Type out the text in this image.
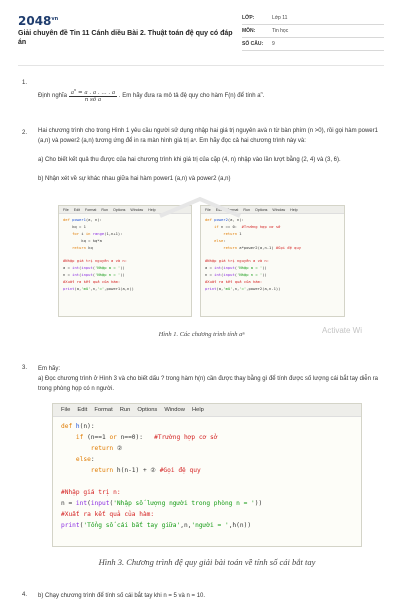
$2048^{vn}$
Giải chuyên đề Tin 11 Cánh diều Bài 2. Thuật toán đệ quy có đáp án
LỚP:	Lớp 11
MÔN:	Tin học
SỐ CÂU:	9
1.
Định nghĩa $\frac{a^n = a . a . ... . a}{\text{n số a}}$ . Em hãy đưa ra mô tả đệ quy cho hàm F(n) để tính $a^n$.
2. Hai chương trình cho trong Hình 1 yêu cầu người sử dụng nhập hai giá trị nguyên avà n từ bàn phím (n >0), rồi gọi hàm power1 (a,n) và power2 (a,n) tương ứng để in ra màn hình giá trị aⁿ. Em hãy đọc cả hai chương trình này và:
a) Cho biết kết quả thu được của hai chương trình khi giá trị của cặp (4, n) nhập vào lần lượt bằng (2, 4) và (3, 6).
b) Nhận xét về sự khác nhau giữa hai hàm power1 (a,n) và power2 (a,n)
File Edit Format Run Options Window Help
def power1(a, n):
kq = 1
for i in range(1,n+1):
kq = kq*a
return kq

#Nhập giá trị nguyên a và n:
a = int(input('Nhập a = '))
n = int(input('Nhập n = '))
#Xuất ra kết quả của hàm:
print(a,'mũ',n,'=',power1(a,n))
File Edit Format Run Options Window Help
def power2(a, n):
if n == 0:  #Trường hợp cơ sở
return 1
else:
return a*power2(a,n-1) #Gọi đệ quy

#Nhập giá trị nguyên a và n:
a = int(input('Nhập a = '))
n = int(input('Nhập n = '))
#Xuất ra kết quả của hàm:
print(a,'mũ',n,'=',power2(a,n-1))
Hình 1. Các chương trình tính aⁿ	Activate Wi
3. Em hãy:
a) Đọc chương trình ở Hình 3 và cho biết dấu ? trong hàm h(n) cần được thay bằng gì để tính được số lượng cái bắt tay diễn ra trong phòng họp có n người.
File Edit Format Run Options Window Help
def h(n):
if (n==1 or n==0):   #Trường hợp cơ sở
return ②
else:
return h(n-1) + ② #Gọi đệ quy

#Nhập giá trị n:
n = int(input('Nhập số lượng người trong phòng n = '))
#Xuất ra kết quả của hàm:
print('Tổng số cái bắt tay giữa',n,'người = ',h(n))
Hình 3. Chương trình đệ quy giải bài toán về tính số cái bắt tay
4. b) Chạy chương trình để tính số cái bắt tay khi n = 5 và n = 10.
